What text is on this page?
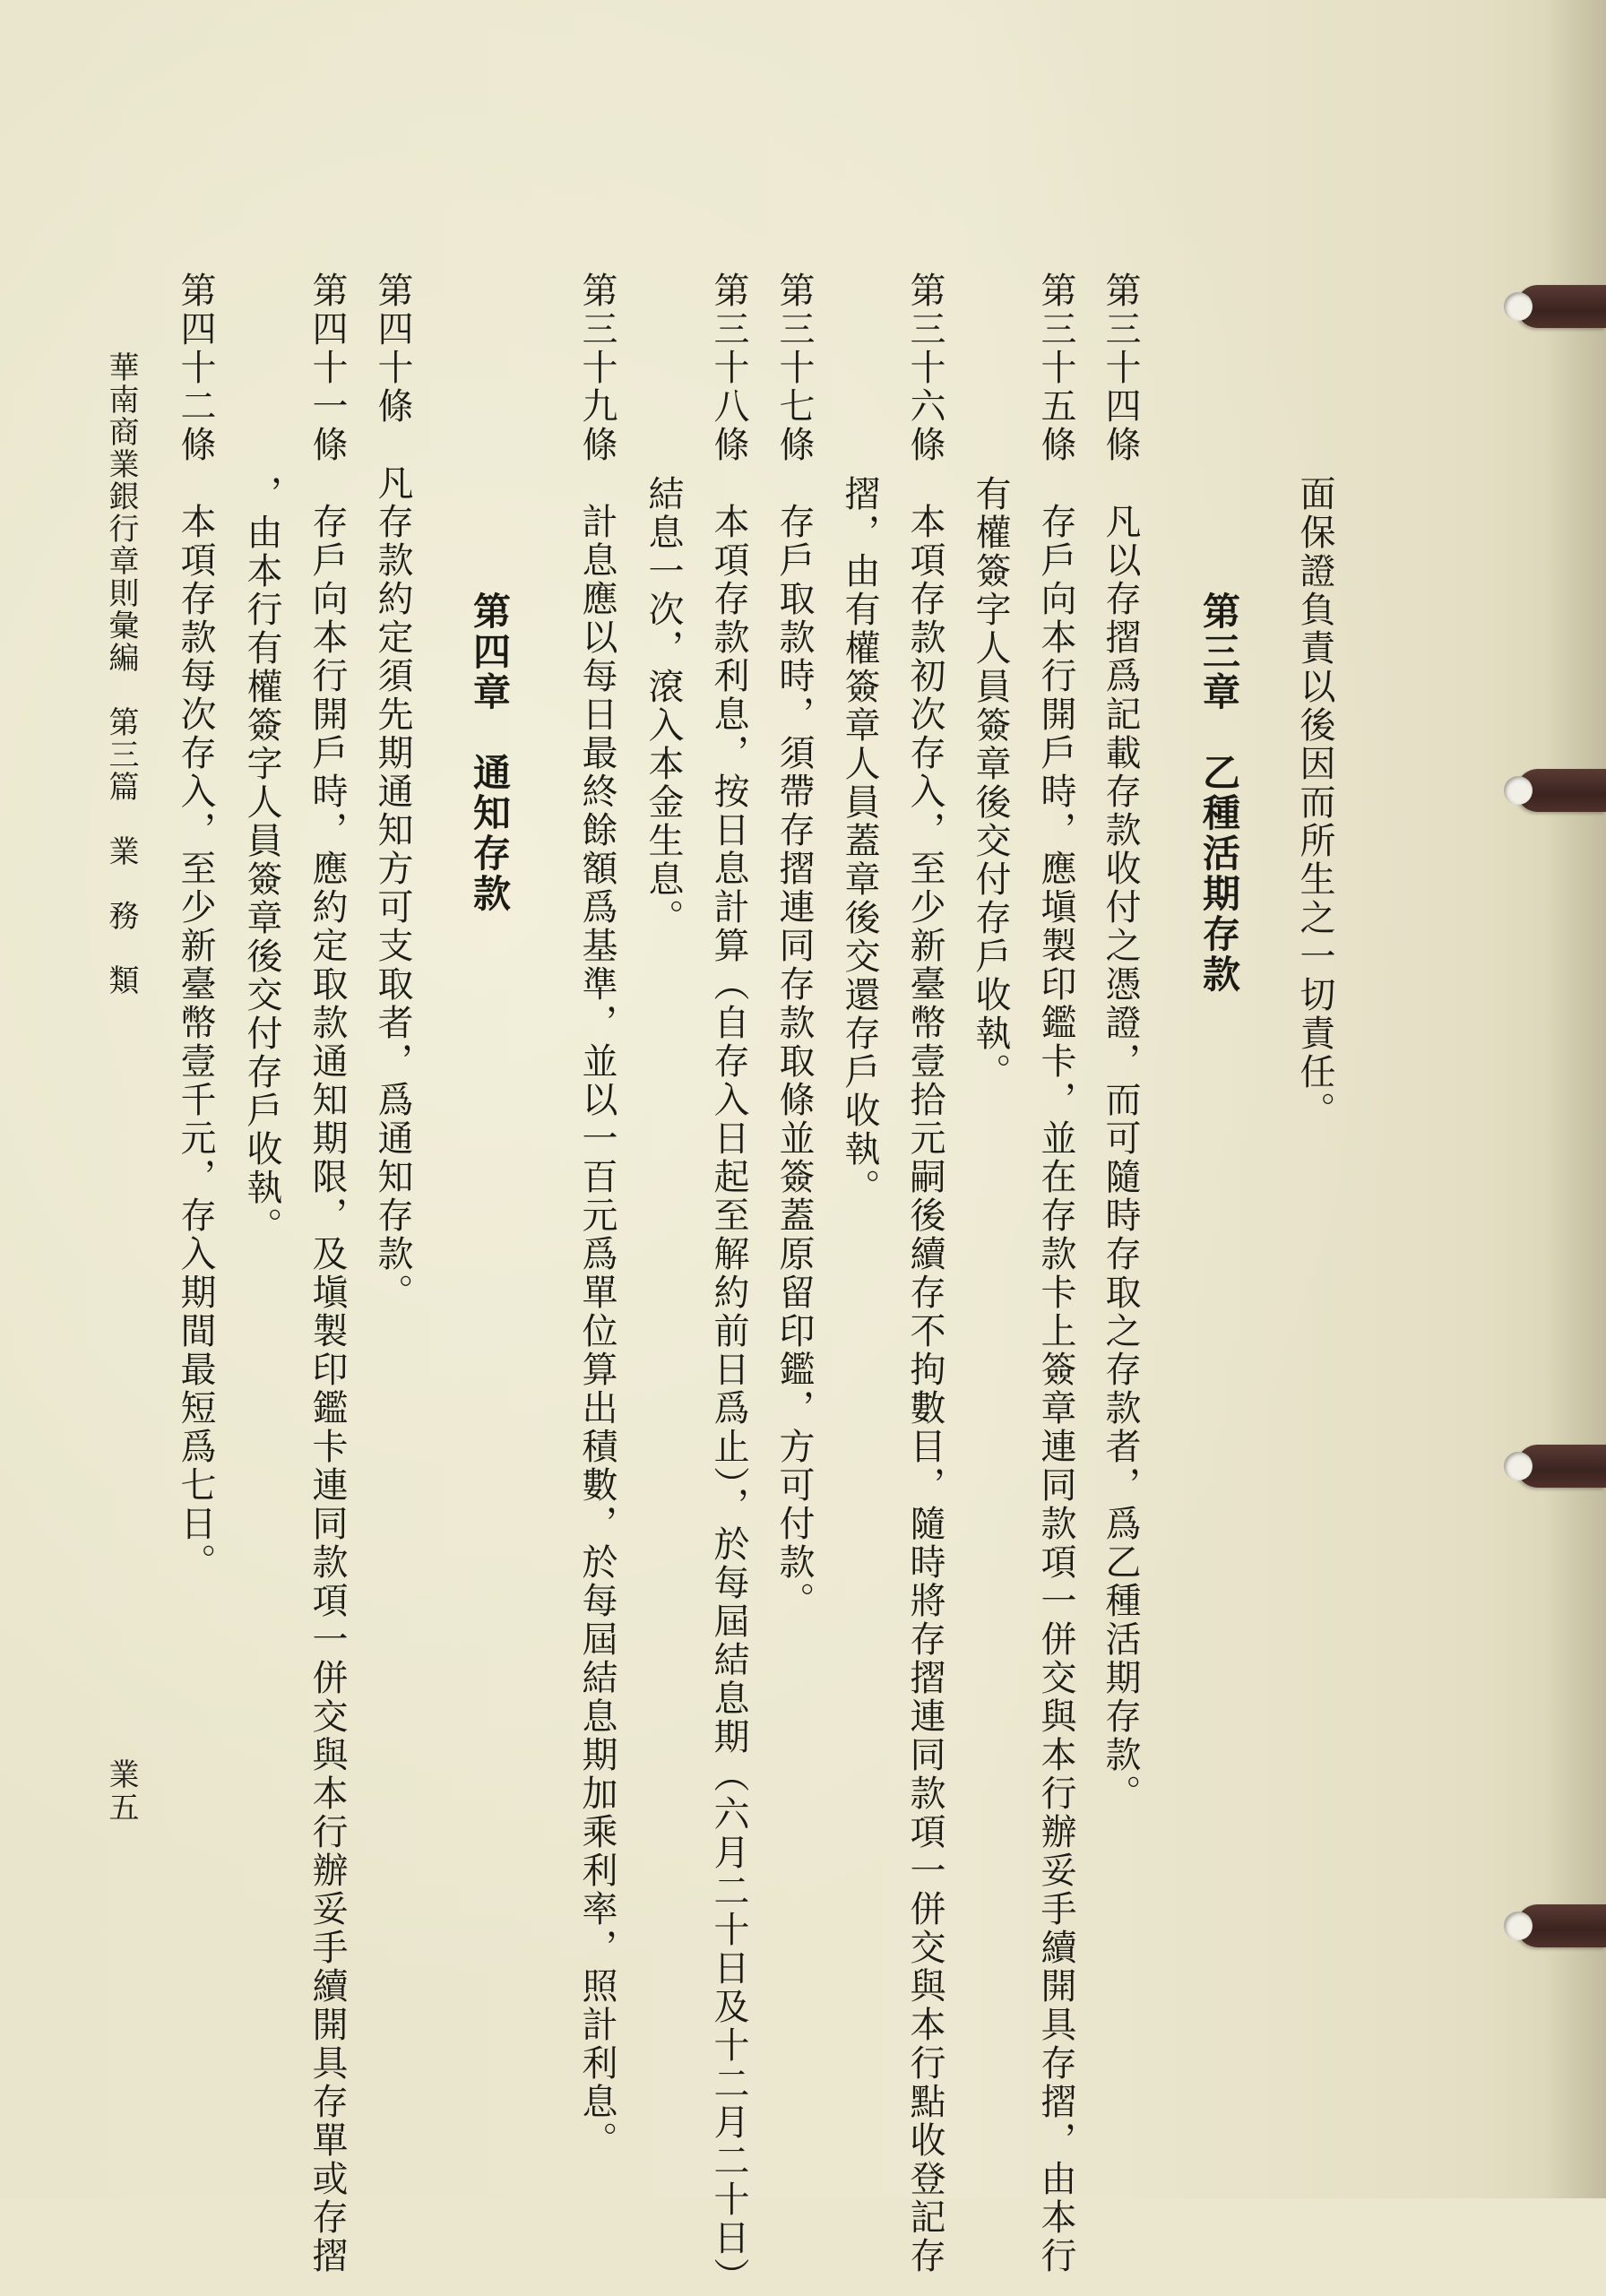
面保證負責以後因而所生之一切責任。
第三章　乙種活期存款
第三十四條　凡以存摺爲記載存款收付之憑證，而可隨時存取之存款者，爲乙種活期存款。
第三十五條　存戶向本行開戶時，應塡製印鑑卡，並在存款卡上簽章連同款項一併交與本行辦妥手續開具存摺，由本行
有權簽字人員簽章後交付存戶收執。
第三十六條　本項存款初次存入，至少新臺幣壹拾元嗣後續存不拘數目，隨時將存摺連同款項一併交與本行點收登記存
摺，由有權簽章人員蓋章後交還存戶收執。
第三十七條　存戶取款時，須帶存摺連同存款取條並簽蓋原留印鑑，方可付款。
第三十八條　本項存款利息，按日息計算（自存入日起至解約前日爲止），於每屆結息期（六月二十日及十二月二十日）
結息一次，滾入本金生息。
第三十九條　計息應以每日最終餘額爲基準，並以一百元爲單位算出積數，於每屆結息期加乘利率，照計利息。
第四章　通知存款
第四十條　凡存款約定須先期通知方可支取者，爲通知存款。
第四十一條　存戶向本行開戶時，應約定取款通知期限，及塡製印鑑卡連同款項一併交與本行辦妥手續開具存單或存摺
，由本行有權簽字人員簽章後交付存戶收執。
第四十二條　本項存款每次存入，至少新臺幣壹千元，存入期間最短爲七日。
華南商業銀行章則彙編　第三篇　業　務　類
業五
